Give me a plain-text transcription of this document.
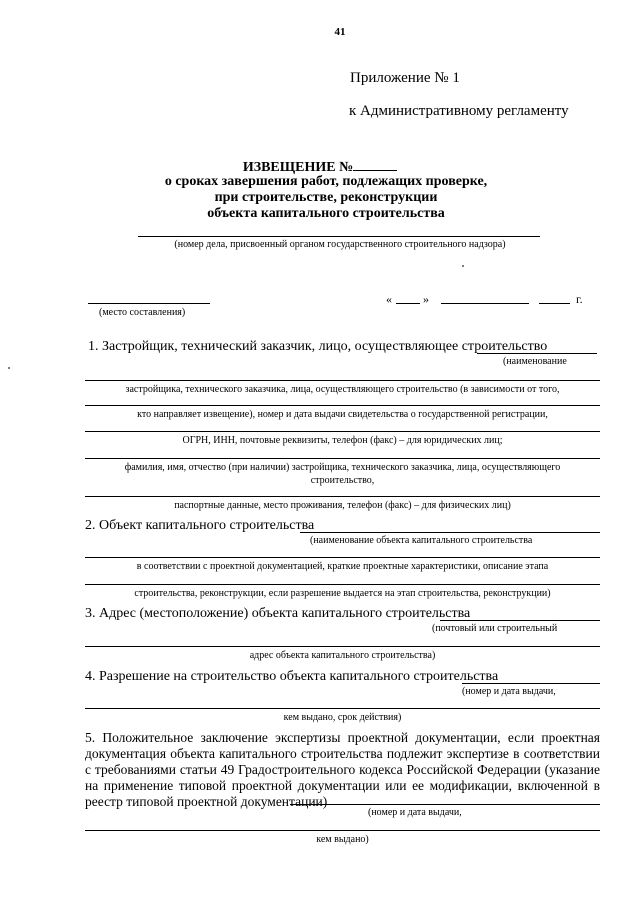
41
Приложение № 1
к Административному регламенту
ИЗВЕЩЕНИЕ №
о сроках завершения работ, подлежащих проверке,
при строительстве, реконструкции
объекта капитального строительства
(номер дела, присвоенный органом государственного строительного надзора)
(место составления)
«	»	г.
1. Застройщик, технический заказчик, лицо, осуществляющее строительство
(наименование
застройщика, технического заказчика, лица, осуществляющего строительство (в зависимости от того,
кто направляет извещение), номер и дата выдачи свидетельства о государственной регистрации,
ОГРН, ИНН, почтовые реквизиты, телефон (факс) – для юридических лиц;
фамилия, имя, отчество (при наличии) застройщика, технического заказчика, лица, осуществляющего
строительство,
паспортные данные, место проживания, телефон (факс) – для физических лиц)
2. Объект капитального строительства
(наименование объекта капитального строительства
в соответствии с проектной документацией, краткие проектные характеристики, описание этапа
строительства, реконструкции, если разрешение выдается на этап строительства, реконструкции)
3. Адрес (местоположение) объекта капитального строительства
(почтовый или строительный
адрес объекта капитального строительства)
4. Разрешение на строительство объекта капитального строительства
(номер и дата выдачи,
кем выдано, срок действия)
5. Положительное заключение экспертизы проектной документации, если проектная документация объекта капитального строительства подлежит экспертизе в соответствии с требованиями статьи 49 Градостроительного кодекса Российской Федерации (указание на применение типовой проектной документации или ее модификации, включенной в реестр типовой проектной документации)
(номер и дата выдачи,
кем выдано)
